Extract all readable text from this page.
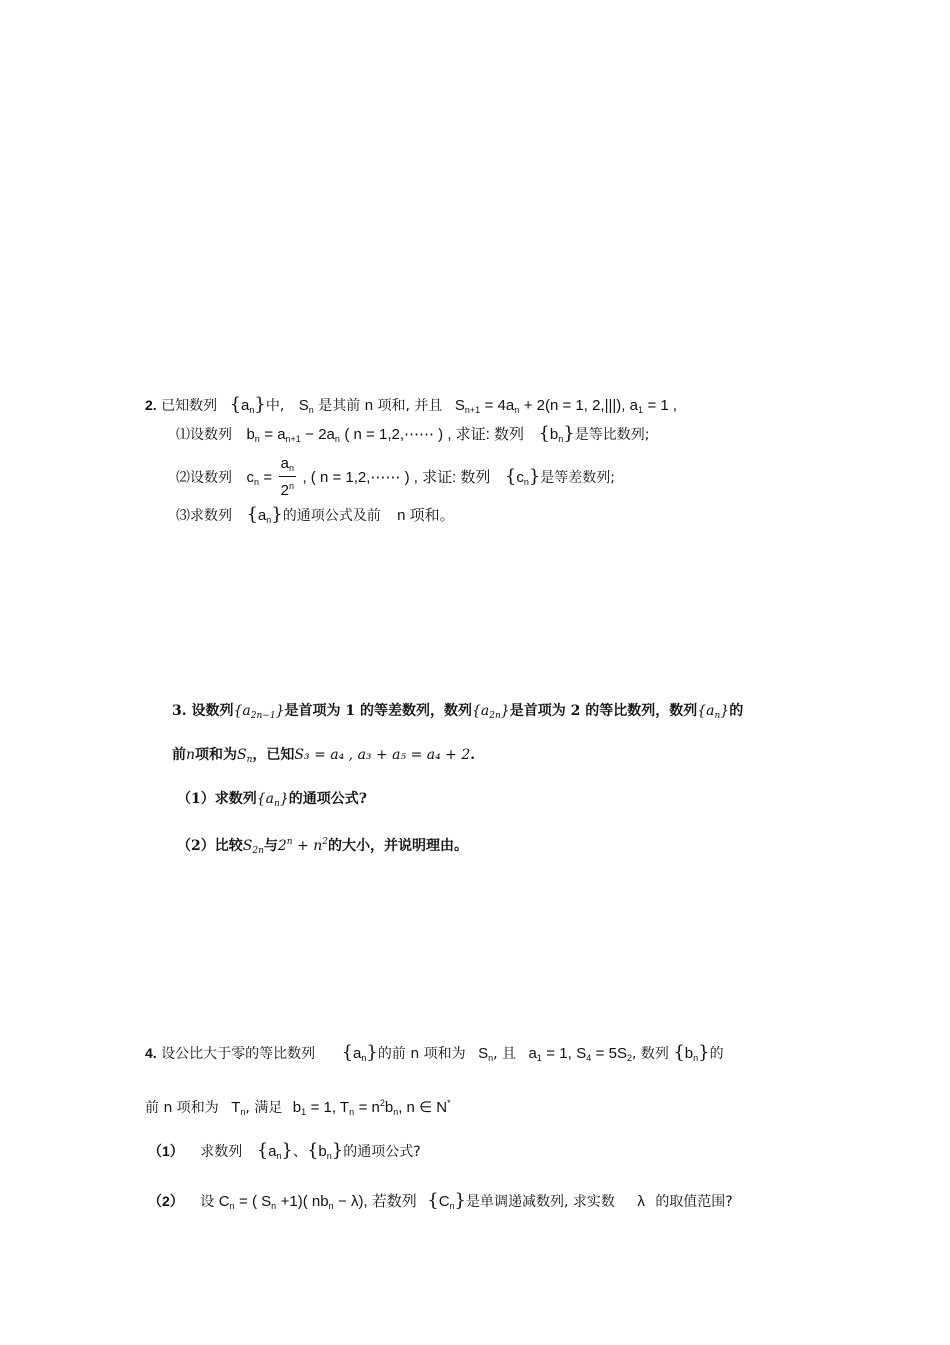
2. 已知数列 $\{a_n\}$中, $S_n$ 是其前 n 项和, 并且 $S_{n+1} = 4a_n + 2(n = 1$, 2,|||), $a_1 = 1$ ,
⑴设数列 $b_n = a_{n+1} - 2a_n$ ( n = 1,2,⋯⋯ ) , 求证: 数列 $\{b_n\}$是等比数列;
⑵设数列 $c_n = \frac{a_n}{2^n}$ , ( n = 1,2,⋯⋯ ) , 求证: 数列 $\{c_n\}$是等差数列;
⑶求数列 $\{a_n\}$的通项公式及前 n 项和。
3. 设数列$\{a_{2n-1}\}$是首项为 1 的等差数列，数列$\{a_{2n}\}$是首项为 2 的等比数列，数列$\{a_n\}$的
前n项和为$S_n$，已知S₃ = a₄ , a₃ + a₅ = a₄ + 2.
（1）求数列$\{a_n\}$的通项公式?
（2）比较$S_{2n}$与$2^n + n^2$的大小，并说明理由。
4. 设公比大于零的等比数列 $\{a_n\}$的前 n 项和为 $S_n$, 且 $a_1 = 1$, $S_4 = 5S_2$, 数列 $\{b_n\}$的
前 n 项和为 $T_n$, 满足 $b_1 = 1$, $T_n = n^2b_n$, n ∈ N*
（1） 求数列 $\{a_n\}$、$\{b_n\}$的通项公式?
（2） 设 $C_n$ = ( $S_n +1$)( $nb_n - \lambda$), 若数列 $\{C_n\}$是单调递减数列, 求实数 λ 的取值范围?
